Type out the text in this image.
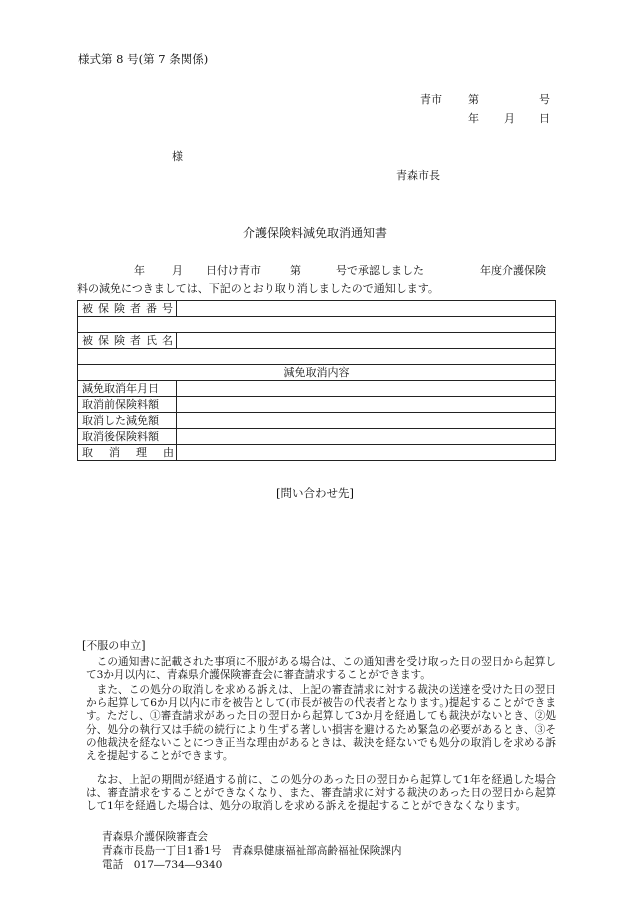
様式第 8 号(第 7 条関係)
青市 第	号
年 月 日
様
青森市長
介護保険料減免取消通知書
年 月 日付け青市	第	号で承認しました	年度介護保険
料の減免につきましては、下記のとおり取り消しましたので通知します。
被保険者番号	

被保険者氏名	

減免取消内容	
減免取消年月日	
取消前保険料額	
取消した減免額	
取消後保険料額	
取消理由	
[問い合わせ先]
[不服の申立]
　この通知書に記載された事項に不服がある場合は、この通知書を受け取った日の翌日から起算して3か月以内に、青森県介護保険審査会に審査請求することができます。
　また、この処分の取消しを求める訴えは、上記の審査請求に対する裁決の送達を受けた日の翌日から起算して6か月以内に市を被告として(市長が被告の代表者となります。)提起することができます。ただし、①審査請求があった日の翌日から起算して3か月を経過しても裁決がないとき、②処分、処分の執行又は手続の続行により生ずる著しい損害を避けるため緊急の必要があるとき、③その他裁決を経ないことにつき正当な理由があるときは、裁決を経ないでも処分の取消しを求める訴えを提起することができます。
　なお、上記の期間が経過する前に、この処分のあった日の翌日から起算して1年を経過した場合は、審査請求をすることができなくなり、また、審査請求に対する裁決のあった日の翌日から起算して1年を経過した場合は、処分の取消しを求める訴えを提起することができなくなります。
青森県介護保険審査会
青森市長島一丁目1番1号　青森県健康福祉部高齢福祉保険課内
電話　017―734―9340
